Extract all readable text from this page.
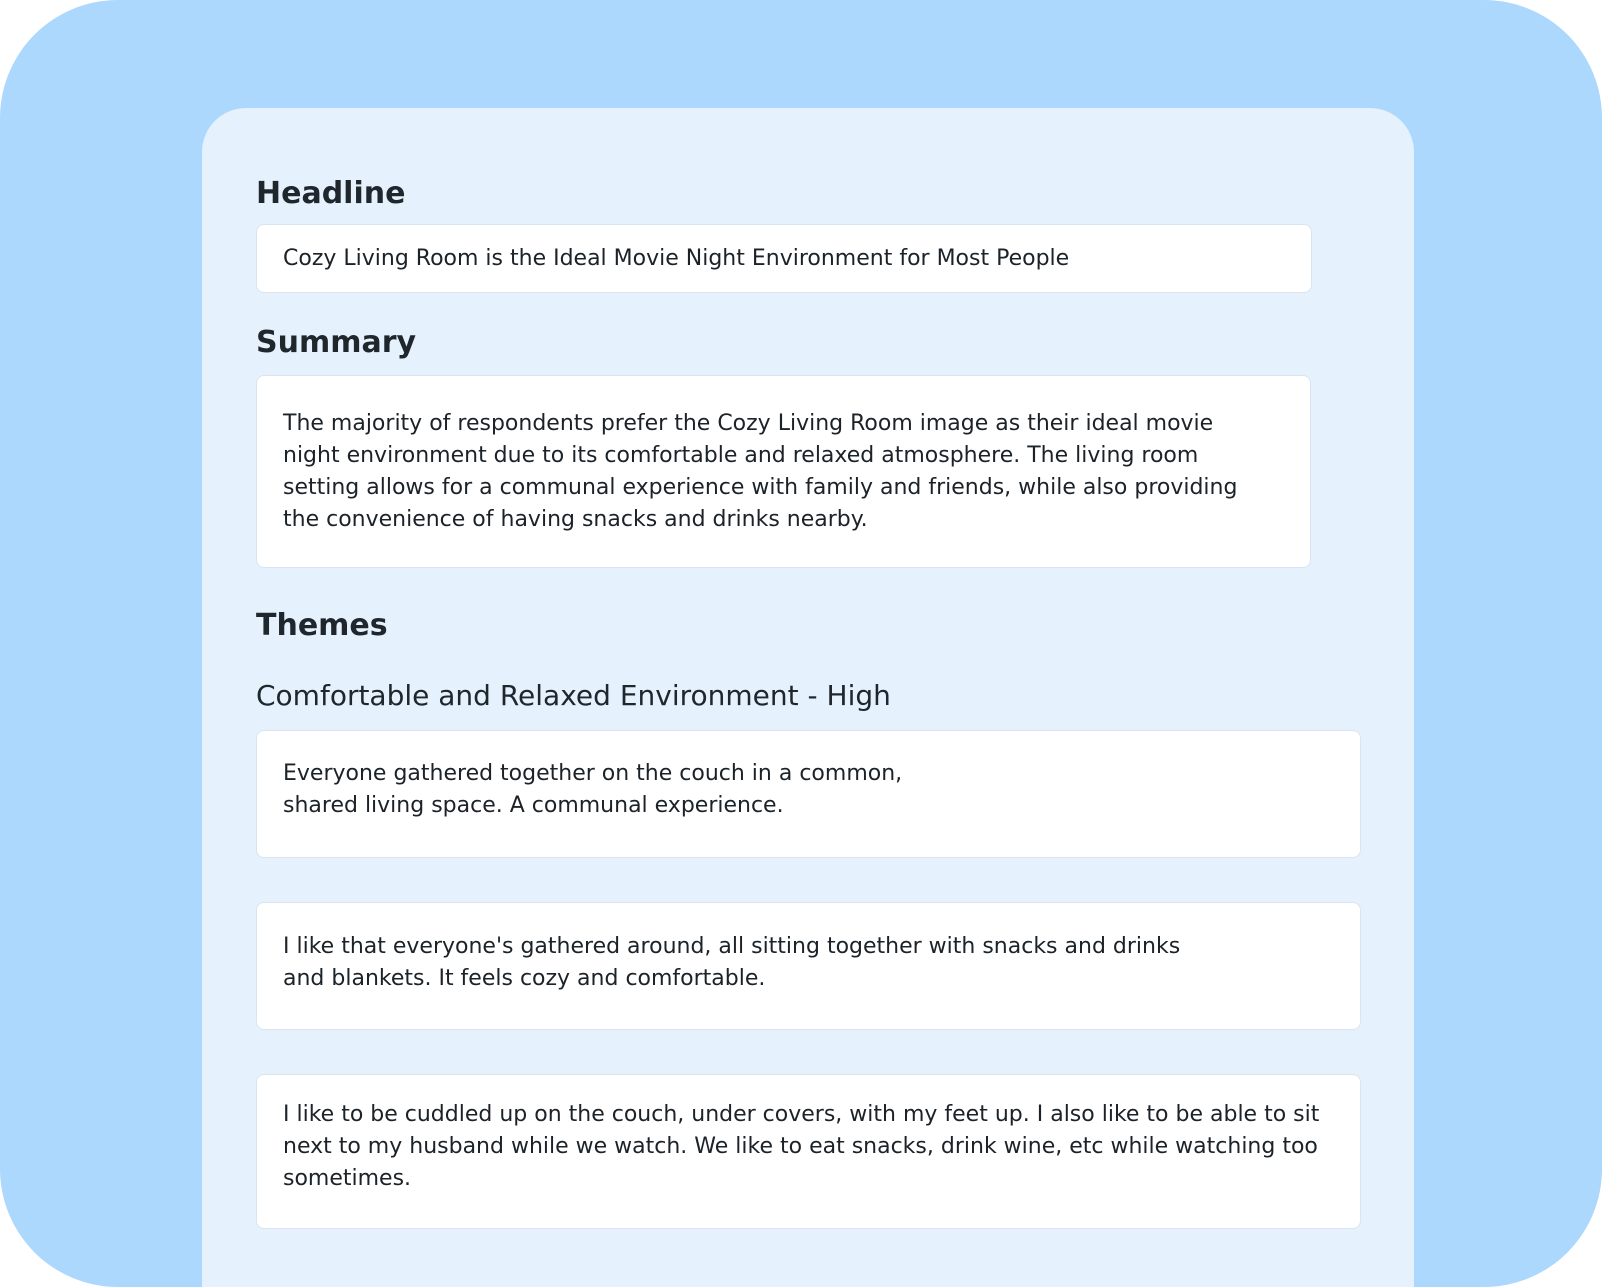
Headline

Cozy Living Room is the Ideal Movie Night Environment for Most People

Summary

The majority of respondents prefer the Cozy Living Room image as their ideal movie night environment due to its comfortable and relaxed atmosphere. The living room setting allows for a communal experience with family and friends, while also providing the convenience of having snacks and drinks nearby.

Themes
Comfortable and Relaxed Environment - High

Everyone gathered together on the couch in a common, shared living space. A communal experience.

I like that everyone's gathered around, all sitting together with snacks and drinks and blankets. It feels cozy and comfortable.

I like to be cuddled up on the couch, under covers, with my feet up. I also like to be able to sit next to my husband while we watch. We like to eat snacks, drink wine, etc while watching too sometimes.
